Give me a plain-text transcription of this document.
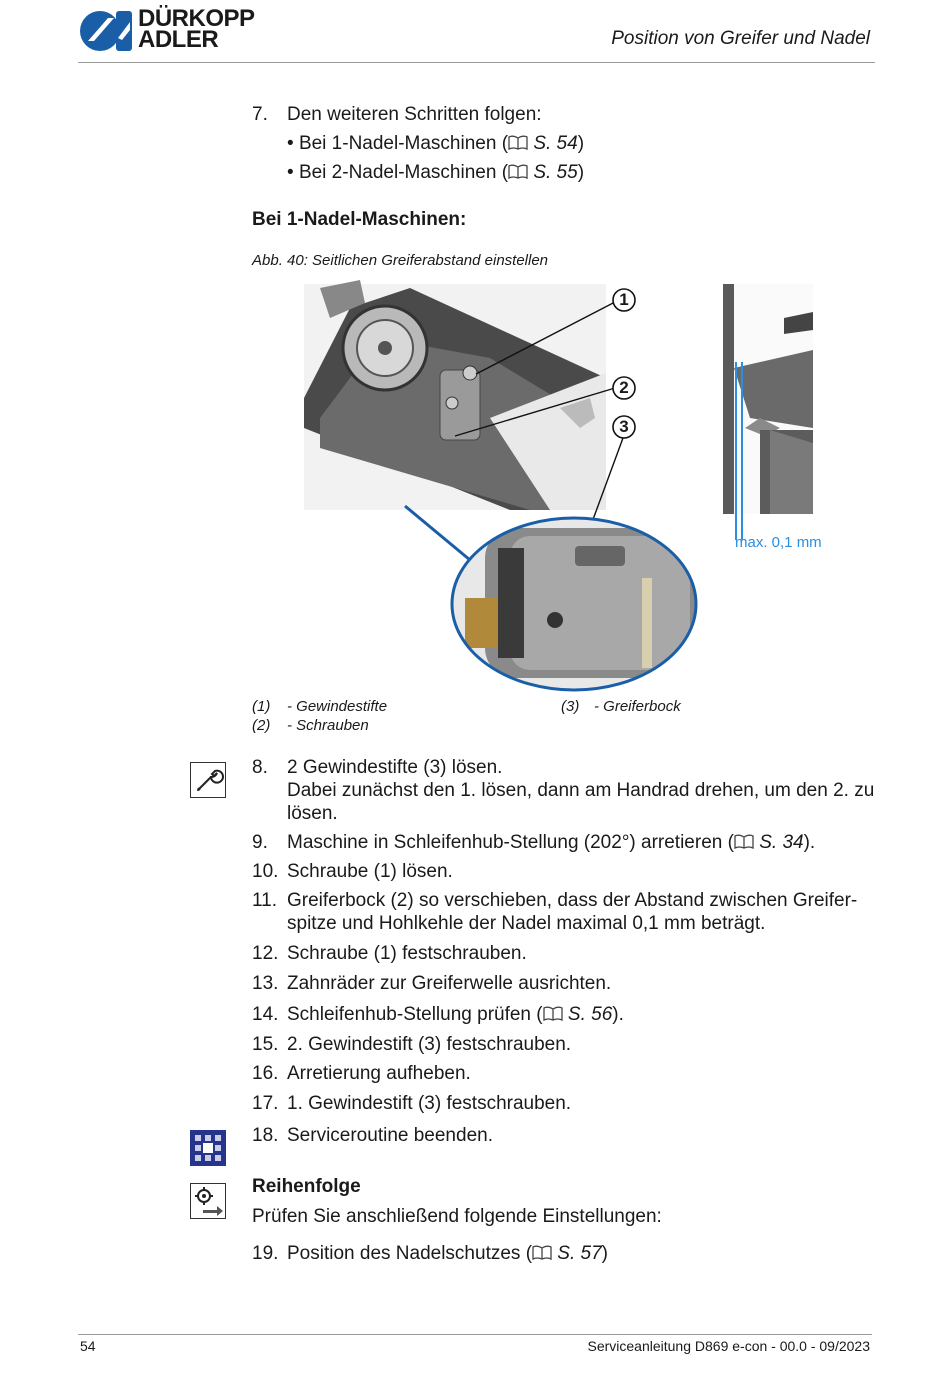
DÜRKOPP
ADLER	Position von Greifer und Nadel
7. Den weiteren Schritten folgen:
• Bei 1-Nadel-Maschinen ( S. 54)
• Bei 2-Nadel-Maschinen ( S. 55)
Bei 1-Nadel-Maschinen:
Abb. 40: Seitlichen Greiferabstand einstellen
1
2
3
max. 0,1 mm
(1) - Gewindestifte
(2) - Schrauben
(3) - Greiferbock
8. 2 Gewindestifte (3) lösen.
Dabei zunächst den 1. lösen, dann am Handrad drehen, um den 2. zu
lösen.
9. Maschine in Schleifenhub-Stellung (202°) arretieren ( S. 34).
10. Schraube (1) lösen.
11. Greiferbock (2) so verschieben, dass der Abstand zwischen Greifer-
spitze und Hohlkehle der Nadel maximal 0,1 mm beträgt.
12. Schraube (1) festschrauben.
13. Zahnräder zur Greiferwelle ausrichten.
14. Schleifenhub-Stellung prüfen ( S. 56).
15. 2. Gewindestift (3) festschrauben.
16. Arretierung aufheben.
17. 1. Gewindestift (3) festschrauben.
18. Serviceroutine beenden.
Reihenfolge
Prüfen Sie anschließend folgende Einstellungen:
19. Position des Nadelschutzes ( S. 57)
54	Serviceanleitung D869 e-con - 00.0 - 09/2023
